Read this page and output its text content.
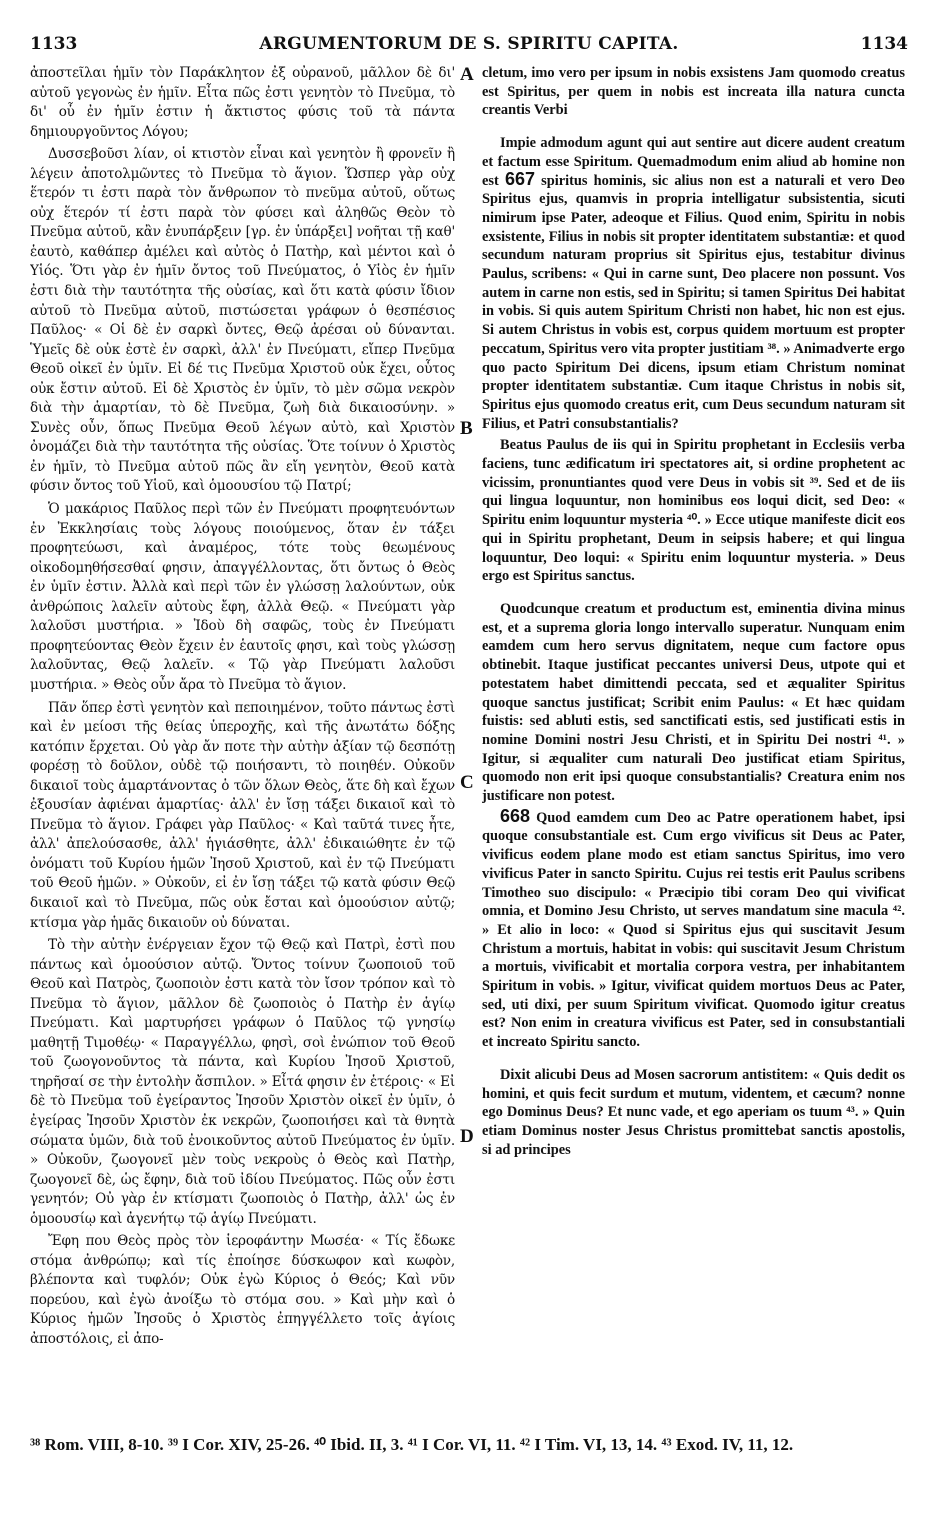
1133	ARGUMENTORUM DE S. SPIRITU CAPITA.	1134

ἀποστεῖλαι ἡμῖν τὸν Παράκλητον ἐξ οὐρανοῦ, μᾶλλον δὲ δι' αὐτοῦ γεγονὼς ἐν ἡμῖν. Εἶτα πῶς ἐστι γενητὸν τὸ Πνεῦμα, τὸ δι' οὗ ἐν ἡμῖν ἐστιν ἡ ἄκτιστος φύσις τοῦ τὰ πάντα δημιουργοῦντος Λόγου;

Δυσσεβοῦσι λίαν, οἱ κτιστὸν εἶναι καὶ γενητὸν ἢ φρονεῖν ἢ λέγειν ἀποτολμῶντες τὸ Πνεῦμα τὸ ἅγιον. Ὥσπερ γὰρ οὐχ ἕτερόν τι ἐστι παρὰ τὸν ἄνθρωπον τὸ πνεῦμα αὐτοῦ, οὕτως οὐχ ἕτερόν τί ἐστι παρὰ τὸν φύσει καὶ ἀληθῶς Θεὸν τὸ Πνεῦμα αὐτοῦ, κἂν ἐνυπάρξειν [γρ. ἐν ὑπάρξει] νοῆται τῇ καθ' ἑαυτὸ, καθάπερ ἀμέλει καὶ αὐτὸς ὁ Πατὴρ, καὶ μέντοι καὶ ὁ Υἱός. Ὅτι γὰρ ἐν ἡμῖν ὄντος τοῦ Πνεύματος, ὁ Υἱὸς ἐν ἡμῖν ἐστι διὰ τὴν ταυτότητα τῆς οὐσίας, καὶ ὅτι κατὰ φύσιν ἴδιον αὐτοῦ τὸ Πνεῦμα αὐτοῦ, πιστώσεται γράφων ὁ θεσπέσιος Παῦλος· « Οἱ δὲ ἐν σαρκὶ ὄντες, Θεῷ ἀρέσαι οὐ δύνανται. Ὑμεῖς δὲ οὐκ ἐστὲ ἐν σαρκὶ, ἀλλ' ἐν Πνεύματι, εἴπερ Πνεῦμα Θεοῦ οἰκεῖ ἐν ὑμῖν. Εἰ δέ τις Πνεῦμα Χριστοῦ οὐκ ἔχει, οὗτος οὐκ ἔστιν αὐτοῦ. Εἰ δὲ Χριστὸς ἐν ὑμῖν, τὸ μὲν σῶμα νεκρὸν διὰ τὴν ἁμαρτίαν, τὸ δὲ Πνεῦμα, ζωὴ διὰ δικαιοσύνην. » Συνὲς οὖν, ὅπως Πνεῦμα Θεοῦ λέγων αὐτὸ, καὶ Χριστὸν ὀνομάζει διὰ τὴν ταυτότητα τῆς οὐσίας. Ὅτε τοίνυν ὁ Χριστὸς ἐν ἡμῖν, τὸ Πνεῦμα αὐτοῦ πῶς ἂν εἴη γενητὸν, Θεοῦ κατὰ φύσιν ὄντος τοῦ Υἱοῦ, καὶ ὁμοουσίου τῷ Πατρί;

Ὁ μακάριος Παῦλος περὶ τῶν ἐν Πνεύματι προφητευόντων ἐν Ἐκκλησίαις τοὺς λόγους ποιούμενος, ὅταν ἐν τάξει προφητεύωσι, καὶ ἀναμέρος, τότε τοὺς θεωμένους οἰκοδομηθήσεσθαί φησιν, ἀπαγγέλλοντας, ὅτι ὄντως ὁ Θεὸς ἐν ὑμῖν ἐστιν. Ἀλλὰ καὶ περὶ τῶν ἐν γλώσσῃ λαλούντων, οὐκ ἀνθρώποις λαλεῖν αὐτοὺς ἔφη, ἀλλὰ Θεῷ. « Πνεύματι γὰρ λαλοῦσι μυστήρια. » Ἰδοὺ δὴ σαφῶς, τοὺς ἐν Πνεύματι προφητεύοντας Θεὸν ἔχειν ἐν ἑαυτοῖς φησι, καὶ τοὺς γλώσσῃ λαλοῦντας, Θεῷ λαλεῖν. « Τῷ γὰρ Πνεύματι λαλοῦσι μυστήρια. » Θεὸς οὖν ἄρα τὸ Πνεῦμα τὸ ἅγιον.

Πᾶν ὅπερ ἐστὶ γενητὸν καὶ πεποιημένον, τοῦτο πάντως ἐστὶ καὶ ἐν μείοσι τῆς θείας ὑπεροχῆς, καὶ τῆς ἀνωτάτω δόξης κατόπιν ἔρχεται. Οὐ γὰρ ἄν ποτε τὴν αὐτὴν ἀξίαν τῷ δεσπότῃ φορέσῃ τὸ δοῦλον, οὐδὲ τῷ ποιήσαντι, τὸ ποιηθέν. Οὐκοῦν δικαιοῖ τοὺς ἁμαρτάνοντας ὁ τῶν ὅλων Θεὸς, ἅτε δὴ καὶ ἔχων ἐξουσίαν ἀφιέναι ἁμαρτίας· ἀλλ' ἐν ἴσῃ τάξει δικαιοῖ καὶ τὸ Πνεῦμα τὸ ἅγιον. Γράφει γὰρ Παῦλος· « Καὶ ταῦτά τινες ἦτε, ἀλλ' ἀπελούσασθε, ἀλλ' ἡγιάσθητε, ἀλλ' ἐδικαιώθητε ἐν τῷ ὀνόματι τοῦ Κυρίου ἡμῶν Ἰησοῦ Χριστοῦ, καὶ ἐν τῷ Πνεύματι τοῦ Θεοῦ ἡμῶν. » Οὐκοῦν, εἰ ἐν ἴσῃ τάξει τῷ κατὰ φύσιν Θεῷ δικαιοῖ καὶ τὸ Πνεῦμα, πῶς οὐκ ἔσται καὶ ὁμοούσιον αὐτῷ; κτίσμα γὰρ ἡμᾶς δικαιοῦν οὐ δύναται.

Τὸ τὴν αὐτὴν ἐνέργειαν ἔχον τῷ Θεῷ καὶ Πατρὶ, ἐστὶ που πάντως καὶ ὁμοούσιον αὐτῷ. Ὄντος τοίνυν ζωοποιοῦ τοῦ Θεοῦ καὶ Πατρὸς, ζωοποιὸν ἐστι κατὰ τὸν ἴσον τρόπον καὶ τὸ Πνεῦμα τὸ ἅγιον, μᾶλλον δὲ ζωοποιὸς ὁ Πατὴρ ἐν ἁγίῳ Πνεύματι. Καὶ μαρτυρήσει γράφων ὁ Παῦλος τῷ γνησίῳ μαθητῇ Τιμοθέῳ· « Παραγγέλλω, φησὶ, σοὶ ἐνώπιον τοῦ Θεοῦ τοῦ ζωογονοῦντος τὰ πάντα, καὶ Κυρίου Ἰησοῦ Χριστοῦ, τηρῆσαί σε τὴν ἐντολὴν ἄσπιλον. » Εἶτά φησιν ἐν ἑτέροις· « Εἰ δὲ τὸ Πνεῦμα τοῦ ἐγείραντος Ἰησοῦν Χριστὸν οἰκεῖ ἐν ὑμῖν, ὁ ἐγείρας Ἰησοῦν Χριστὸν ἐκ νεκρῶν, ζωοποιήσει καὶ τὰ θνητὰ σώματα ὑμῶν, διὰ τοῦ ἐνοικοῦντος αὐτοῦ Πνεύματος ἐν ὑμῖν. » Οὐκοῦν, ζωογονεῖ μὲν τοὺς νεκροὺς ὁ Θεὸς καὶ Πατὴρ, ζωογονεῖ δὲ, ὡς ἔφην, διὰ τοῦ ἰδίου Πνεύματος. Πῶς οὖν ἐστι γενητόν; Οὐ γὰρ ἐν κτίσματι ζωοποιὸς ὁ Πατὴρ, ἀλλ' ὡς ἐν ὁμοουσίῳ καὶ ἀγενήτῳ τῷ ἁγίῳ Πνεύματι.

Ἔφη που Θεὸς πρὸς τὸν ἱεροφάντην Μωσέα· « Τίς ἔδωκε στόμα ἀνθρώπῳ; καὶ τίς ἐποίησε δύσκωφον καὶ κωφὸν, βλέποντα καὶ τυφλόν; Οὐκ ἐγὼ Κύριος ὁ Θεός; Καὶ νῦν πορεύου, καὶ ἐγὼ ἀνοίξω τὸ στόμα σου. » Καὶ μὴν καὶ ὁ Κύριος ἡμῶν Ἰησοῦς ὁ Χριστὸς ἐπηγγέλλετο τοῖς ἁγίοις ἀποστόλοις, εἰ ἀπο-

A
B
C
D

cletum, imo vero per ipsum in nobis exsistens Jam quomodo creatus est Spiritus, per quem in nobis est increata illa natura cuncta creantis Verbi

Impie admodum agunt qui aut sentire aut dicere audent creatum et factum esse Spiritum. Quemadmodum enim aliud ab homine non est 667 spiritus hominis, sic alius non est a naturali et vero Deo Spiritus ejus, quamvis in propria intelligatur subsistentia, sicuti nimirum ipse Pater, adeoque et Filius. Quod enim, Spiritu in nobis exsistente, Filius in nobis sit propter identitatem substantiæ: et quod secundum naturam proprius sit Spiritus ejus, testabitur divinus Paulus, scribens: « Qui in carne sunt, Deo placere non possunt. Vos autem in carne non estis, sed in Spiritu; si tamen Spiritus Dei habitat in vobis. Si quis autem Spiritum Christi non habet, hic non est ejus. Si autem Christus in vobis est, corpus quidem mortuum est propter peccatum, Spiritus vero vita propter justitiam ³⁸. » Animadverte ergo quo pacto Spiritum Dei dicens, ipsum etiam Christum nominat propter identitatem substantiæ. Cum itaque Christus in nobis sit, Spiritus ejus quomodo creatus erit, cum Deus secundum naturam sit Filius, et Patri consubstantialis?

Beatus Paulus de iis qui in Spiritu prophetant in Ecclesiis verba faciens, tunc ædificatum iri spectatores ait, si ordine prophetent ac vicissim, pronuntiantes quod vere Deus in vobis sit ³⁹. Sed et de iis qui lingua loquuntur, non hominibus eos loqui dicit, sed Deo: « Spiritu enim loquuntur mysteria ⁴⁰. » Ecce utique manifeste dicit eos qui in Spiritu prophetant, Deum in seipsis habere; et qui lingua loquuntur, Deo loqui: « Spiritu enim loquuntur mysteria. » Deus ergo est Spiritus sanctus.

Quodcunque creatum et productum est, eminentia divina minus est, et a suprema gloria longo intervallo superatur. Nunquam enim eamdem cum hero servus dignitatem, neque cum factore opus obtinebit. Itaque justificat peccantes universi Deus, utpote qui et potestatem habet dimittendi peccata, sed et æqualiter Spiritus quoque sanctus justificat; Scribit enim Paulus: « Et hæc quidam fuistis: sed abluti estis, sed sanctificati estis, sed justificati estis in nomine Domini nostri Jesu Christi, et in Spiritu Dei nostri ⁴¹. » Igitur, si æqualiter cum naturali Deo justificat etiam Spiritus, quomodo non erit ipsi quoque consubstantialis? Creatura enim nos justificare non potest.

668 Quod eamdem cum Deo ac Patre operationem habet, ipsi quoque consubstantiale est. Cum ergo vivificus sit Deus ac Pater, vivificus eodem plane modo est etiam sanctus Spiritus, imo vero vivificus Pater in sancto Spiritu. Cujus rei testis erit Paulus scribens Timotheo suo discipulo: « Præcipio tibi coram Deo qui vivificat omnia, et Domino Jesu Christo, ut serves mandatum sine macula ⁴². » Et alio in loco: « Quod si Spiritus ejus qui suscitavit Jesum Christum a mortuis, habitat in vobis: qui suscitavit Jesum Christum a mortuis, vivificabit et mortalia corpora vestra, per inhabitantem Spiritum in vobis. » Igitur, vivificat quidem mortuos Deus ac Pater, sed, uti dixi, per suum Spiritum vivificat. Quomodo igitur creatus est? Non enim in creatura vivificus est Pater, sed in consubstantiali et increato Spiritu sancto.

Dixit alicubi Deus ad Mosen sacrorum antistitem: « Quis dedit os homini, et quis fecit surdum et mutum, videntem, et cæcum? nonne ego Dominus Deus? Et nunc vade, et ego aperiam os tuum ⁴³. » Quin etiam Dominus noster Jesus Christus promittebat sanctis apostolis, si ad principes

³⁸ Rom. VIII, 8-10. ³⁹ I Cor. XIV, 25-26. ⁴⁰ Ibid. II, 3. ⁴¹ I Cor. VI, 11. ⁴² I Tim. VI, 13, 14. ⁴³ Exod. IV, 11, 12.
